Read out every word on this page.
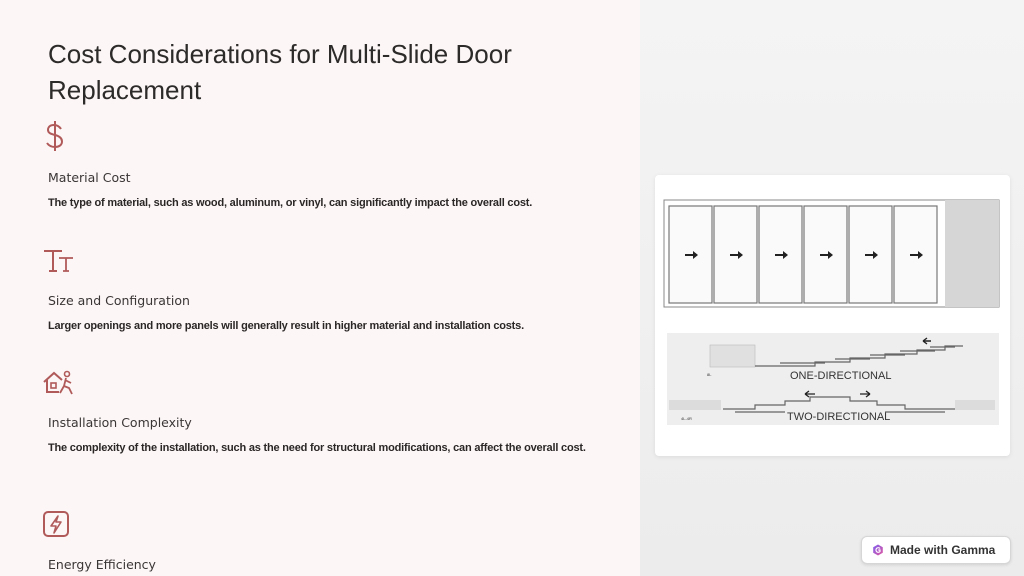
Cost Considerations for Multi-Slide Door Replacement
Material Cost
The type of material, such as wood, aluminum, or vinyl, can significantly impact the overall cost.
Size and Configuration
Larger openings and more panels will generally result in higher material and installation costs.
Installation Complexity
The complexity of the installation, such as the need for structural modifications, can affect the overall cost.
Energy Efficiency
8L	ONE-DIRECTIONAL
4L-4R	TWO-DIRECTIONAL
Made with Gamma
